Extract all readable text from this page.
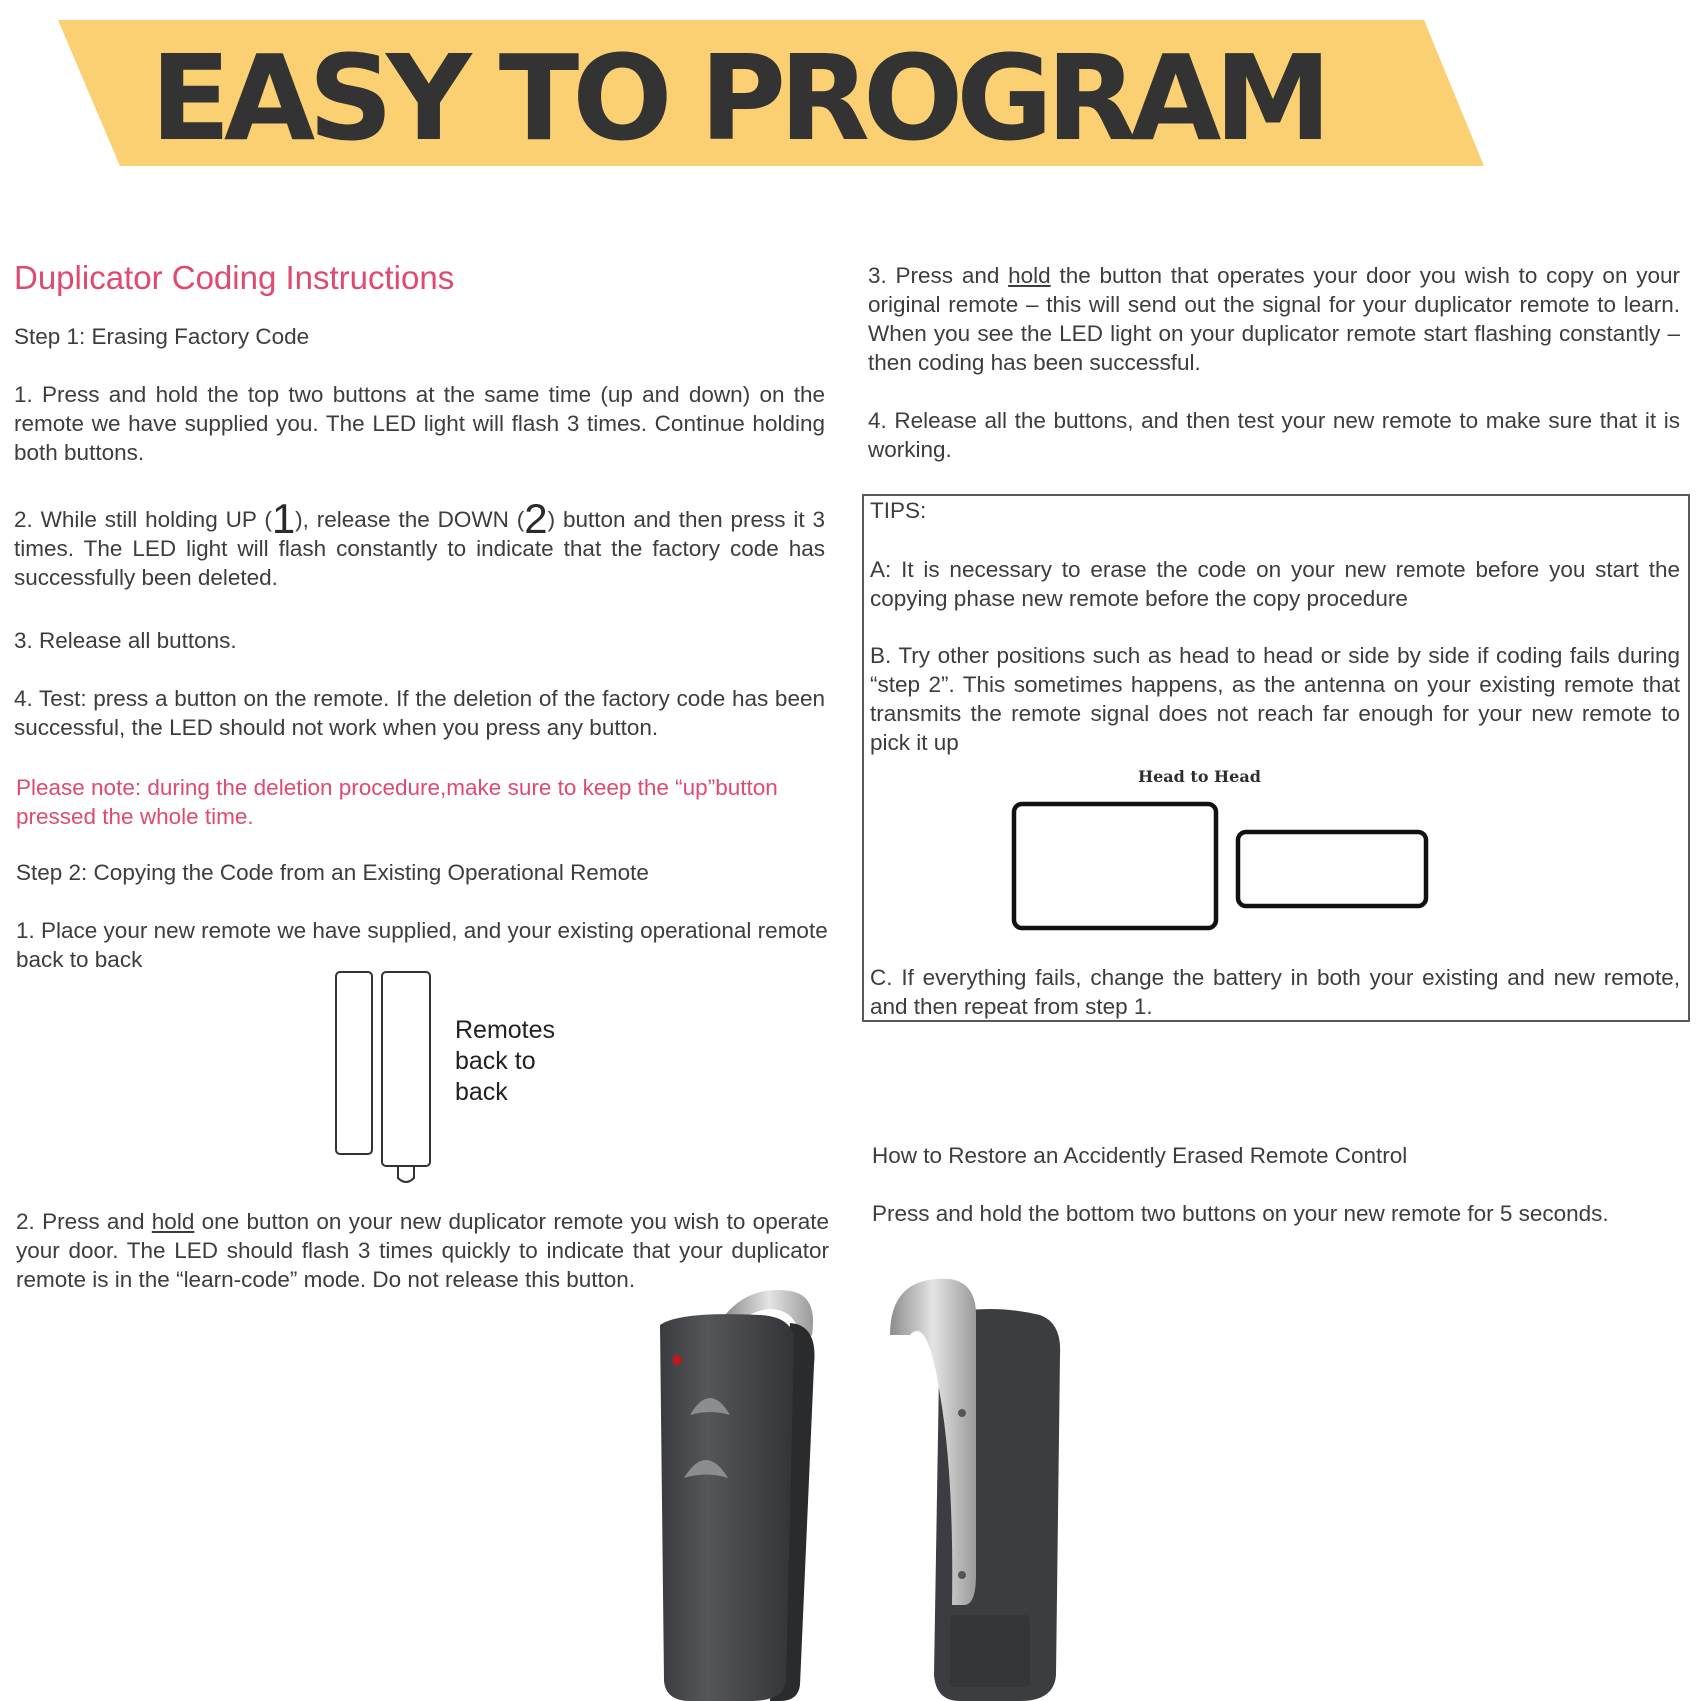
EASY TO PROGRAM
Duplicator Coding Instructions
Step 1: Erasing Factory Code
1. Press and hold the top two buttons at the same time (up and down) on the remote we have supplied you. The LED light will flash 3 times. Continue holding both buttons.
2. While still holding UP (1), release the DOWN (2) button and then press it 3 times. The LED light will flash constantly to indicate that the factory code has successfully been deleted.
3. Release all buttons.
4. Test: press a button on the remote. If the deletion of the factory code has been successful, the LED should not work when you press any button.
Please note: during the deletion procedure,make sure to keep the “up”button pressed the whole time.
Step 2: Copying the Code from an Existing Operational Remote
1. Place your new remote we have supplied, and your existing operational remote back to back
Remotes
back to
back
2. Press and hold one button on your new duplicator remote you wish to operate your door. The LED should flash 3 times quickly to indicate that your duplicator remote is in the “learn-code” mode. Do not release this button.
3. Press and hold the button that operates your door you wish to copy on your original remote – this will send out the signal for your duplicator remote to learn. When you see the LED light on your duplicator remote start flashing constantly – then coding has been successful.
4. Release all the buttons, and then test your new remote to make sure that it is working.
TIPS:
A: It is necessary to erase the code on your new remote before you start the copying phase new remote before the copy procedure
B. Try other positions such as head to head or side by side if coding fails during “step 2”. This sometimes happens, as the antenna on your existing remote that transmits the remote signal does not reach far enough for your new remote to pick it up
Head to Head
C. If everything fails, change the battery in both your existing and new remote, and then repeat from step 1.
How to Restore an Accidently Erased Remote Control
Press and hold the bottom two buttons on your new remote for 5 seconds.
